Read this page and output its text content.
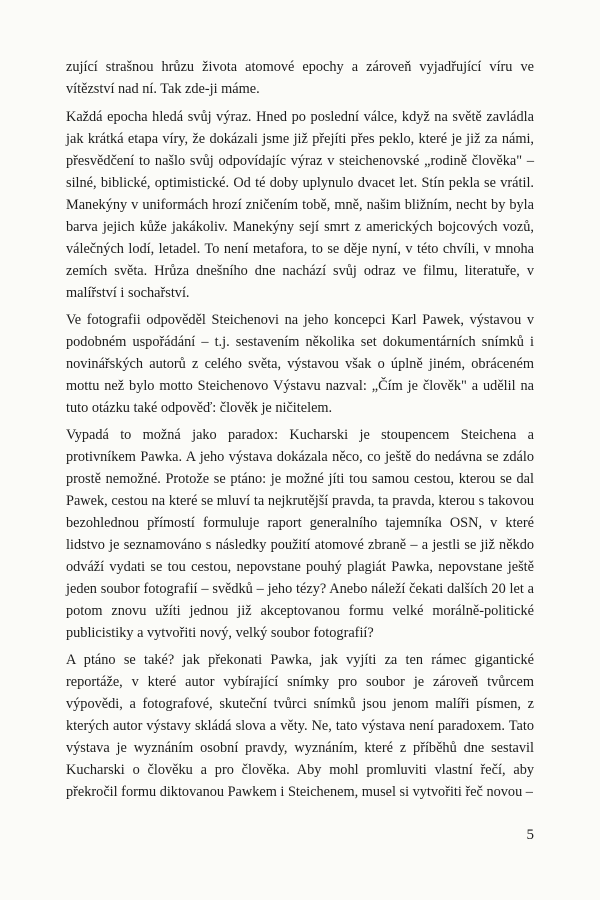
zující strašnou hrůzu života atomové epochy a zároveň vyjadřující víru ve vítězství nad ní. Tak zde-ji máme.

Každá epocha hledá svůj výraz. Hned po poslední válce, když na světě zavládla jak krátká etapa víry, že dokázali jsme již přejíti přes peklo, které je již za námi, přesvědčení to našlo svůj odpovídajíc výraz v steichenovské „rodině člověka" – silné, biblické, optimistické. Od té doby uplynulo dvacet let. Stín pekla se vrátil. Manekýny v uniformách hrozí zničením tobě, mně, našim bližním, necht by byla barva jejich kůže jakákoliv. Manekýny sejí smrt z amerických bojcových vozů, válečných lodí, letadel. To není metafora, to se děje nyní, v této chvíli, v mnoha zemích světa. Hrůza dnešního dne nachází svůj odraz ve filmu, literatuře, v malířství i sochařství.

Ve fotografii odpověděl Steichenovi na jeho koncepci Karl Pawek, výstavou v podobném uspořádání – t.j. sestavením několika set dokumentárních snímků i novinářských autorů z celého světa, výstavou však o úplně jiném, obráceném mottu než bylo motto Steichenovo Výstavu nazval: „Čím je člověk" a udělil na tuto otázku také odpověď: člověk je ničitelem.

Vypadá to možná jako paradox: Kucharski je stoupencem Steichena a protivníkem Pawka. A jeho výstava dokázala něco, co ještě do nedávna se zdálo prostě nemožné. Protože se ptáno: je možné jíti tou samou cestou, kterou se dal Pawek, cestou na které se mluví ta nejkrutější pravda, ta pravda, kterou s takovou bezohlednou přímostí formuluje raport generalního tajemníka OSN, v které lidstvo je seznamováno s následky použití atomové zbraně – a jestli se již někdo odváží vydati se tou cestou, nepovstane pouhý plagiát Pawka, nepovstane ještě jeden soubor fotografií – svědků – jeho tézy? Anebo náleží čekati dalších 20 let a potom znovu užíti jednou již akceptovanou formu velké morálně-politické publicistiky a vytvořiti nový, velký soubor fotografií?

A ptáno se také? jak překonati Pawka, jak vyjíti za ten rámec gigantické reportáže, v které autor vybírající snímky pro soubor je zároveň tvůrcem výpovědi, a fotografové, skuteční tvůrci snímků jsou jenom malíři písmen, z kterých autor výstavy skládá slova a věty. Ne, tato výstava není paradoxem. Tato výstava je wyznáním osobní pravdy, wyznáním, které z příběhů dne sestavil Kucharski o člověku a pro člověka. Aby mohl promluviti vlastní řečí, aby překročil formu diktovanou Pawkem i Steichenem, musel si vytvořiti řeč novou –

5
